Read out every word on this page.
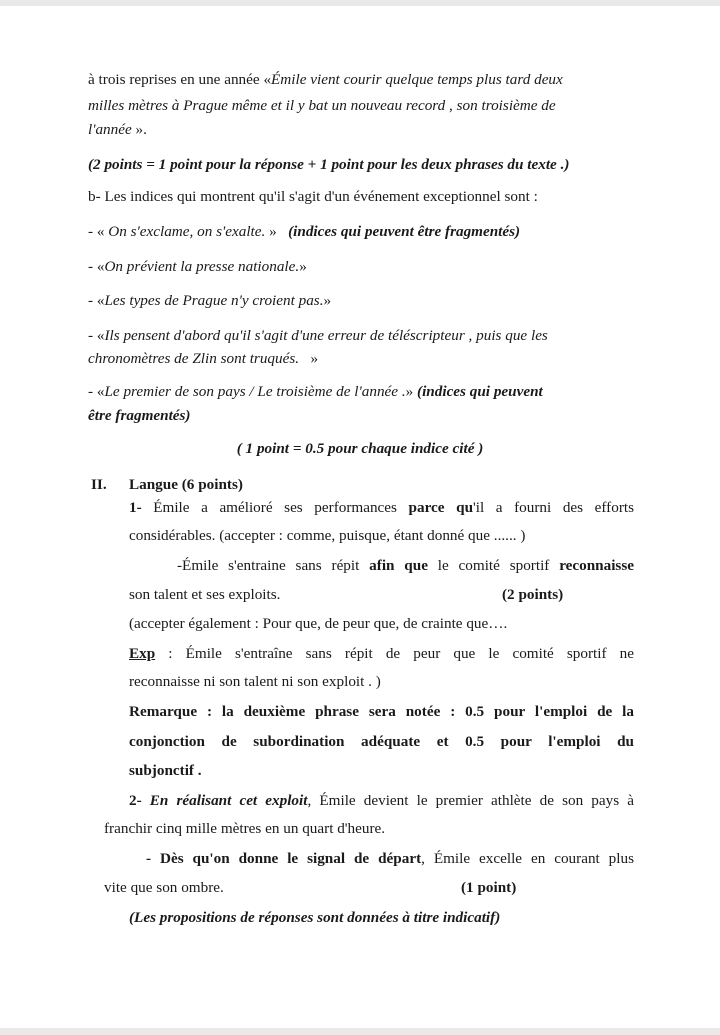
à trois reprises en une année «Émile vient courir quelque temps plus tard deux
milles mètres à Prague même et il y bat un nouveau record , son troisième de
l'année ».
(2 points = 1 point pour la réponse + 1 point pour les deux phrases du texte .)
b- Les indices qui montrent qu'il s'agit d'un événement exceptionnel sont :
- « On s'exclame, on s'exalte. » (indices qui peuvent être fragmentés)
- «On prévient la presse nationale.»
- «Les types de Prague n'y croient pas.»
- «Ils pensent d'abord qu'il s'agit d'une erreur de téléscripteur , puis que les
chronomètres de Zlin sont truqués. »
- «Le premier de son pays / Le troisième de l'année .» (indices qui peuvent
être fragmentés)
( 1 point = 0.5 pour chaque indice cité )
II. Langue (6 points)
1- Émile a amélioré ses performances parce qu'il a fourni des efforts
considérables. (accepter : comme, puisque, étant donné que ...... )
-Émile s'entraine sans répit afin que le comité sportif reconnaisse
son talent et ses exploits.	(2 points)
(accepter également : Pour que, de peur que, de crainte que….
Exp : Émile s'entraîne sans répit de peur que le comité sportif ne
reconnaisse ni son talent ni son exploit . )
Remarque : la deuxième phrase sera notée : 0.5 pour l'emploi de la
conjonction de subordination adéquate et 0.5 pour l'emploi du
subjonctif .
2- En réalisant cet exploit, Émile devient le premier athlète de son pays à
franchir cinq mille mètres en un quart d'heure.
- Dès qu'on donne le signal de départ, Émile excelle en courant plus
vite que son ombre.	(1 point)
(Les propositions de réponses sont données à titre indicatif)
